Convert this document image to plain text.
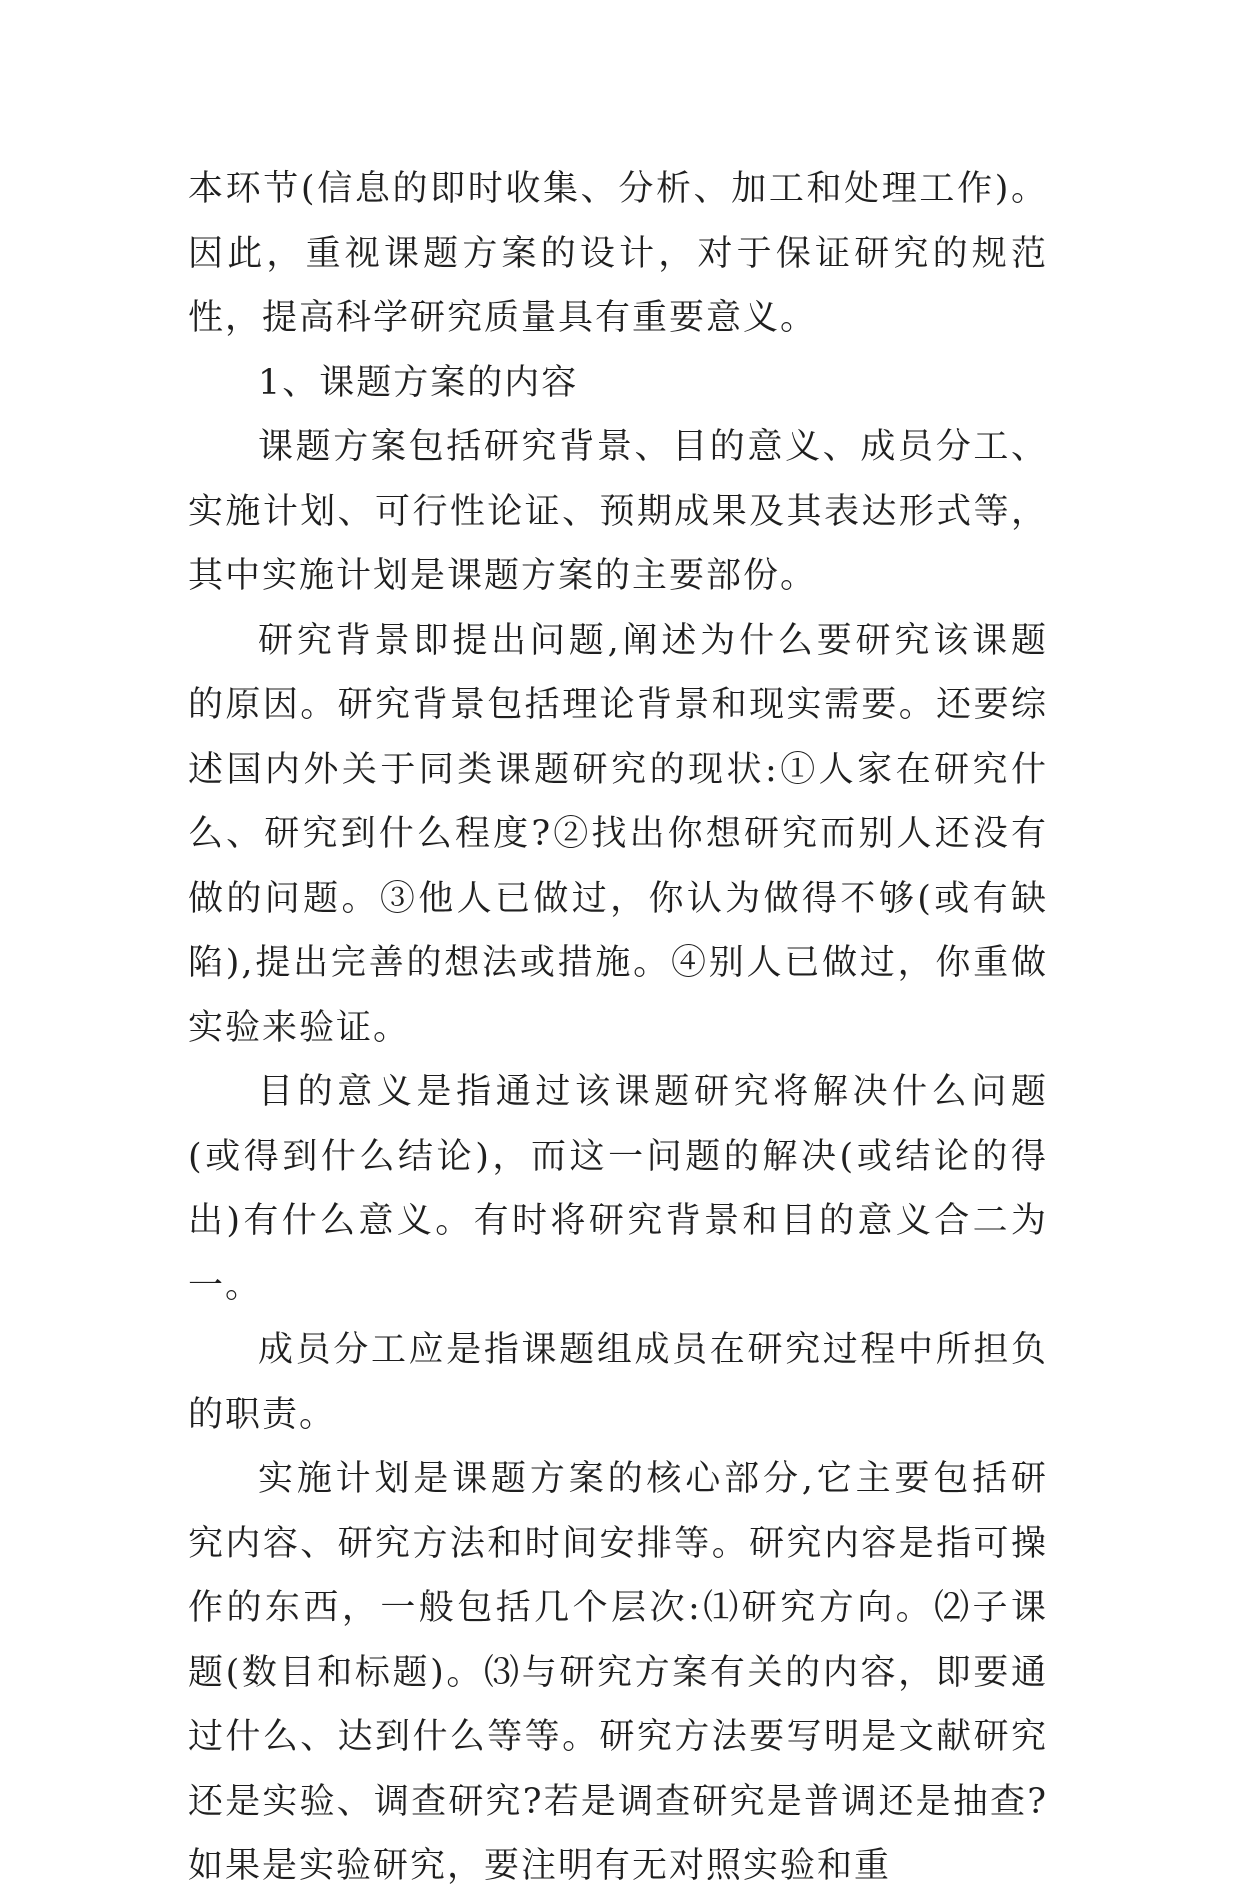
本环节(信息的即时收集、分析、加工和处理工作)。因此，重视课题方案的设计，对于保证研究的规范性，提高科学研究质量具有重要意义。

1、课题方案的内容

课题方案包括研究背景、目的意义、成员分工、实施计划、可行性论证、预期成果及其表达形式等，其中实施计划是课题方案的主要部份。

研究背景即提出问题,阐述为什么要研究该课题的原因。研究背景包括理论背景和现实需要。还要综述国内外关于同类课题研究的现状:①人家在研究什么、研究到什么程度?②找出你想研究而别人还没有做的问题。③他人已做过，你认为做得不够(或有缺陷),提出完善的想法或措施。④别人已做过，你重做实验来验证。

目的意义是指通过该课题研究将解决什么问题(或得到什么结论)，而这一问题的解决(或结论的得出)有什么意义。有时将研究背景和目的意义合二为一。

成员分工应是指课题组成员在研究过程中所担负的职责。

实施计划是课题方案的核心部分,它主要包括研究内容、研究方法和时间安排等。研究内容是指可操作的东西，一般包括几个层次:⑴研究方向。⑵子课题(数目和标题)。⑶与研究方案有关的内容，即要通过什么、达到什么等等。研究方法要写明是文献研究还是实验、调查研究?若是调查研究是普调还是抽查?如果是实验研究，要注明有无对照实验和重
